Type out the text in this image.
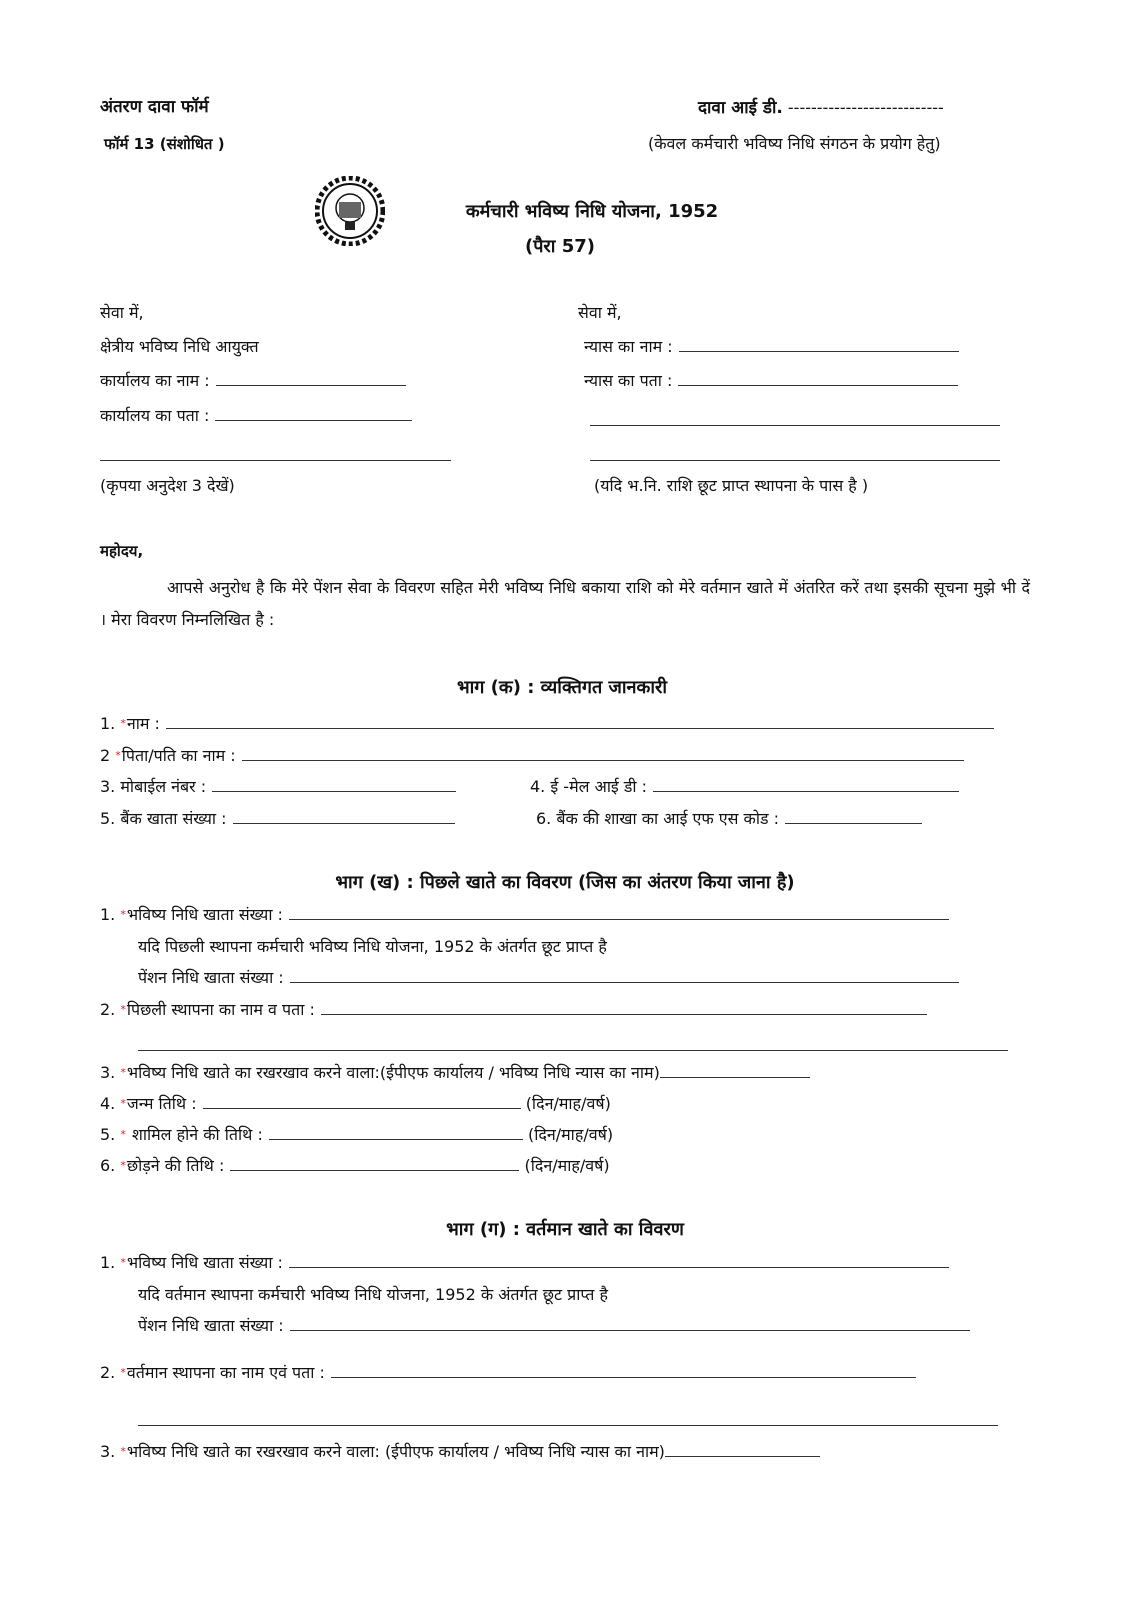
अंतरण दावा फॉर्म
फॉर्म 13 (संशोधित )
दावा आई डी. ---------------------------
(केवल कर्मचारी भविष्य निधि संगठन के प्रयोग हेतु)
कर्मचारी भविष्य निधि योजना, 1952
(पैरा 57)
सेवा में,
क्षेत्रीय भविष्य निधि आयुक्त
कार्यालय का नाम :
कार्यालय का पता :
(कृपया अनुदेश 3 देखें)
सेवा में,
न्यास का नाम :
न्यास का पता :
(यदि भ.नि. राशि छूट प्राप्त स्थापना के पास है )
महोदय,
आपसे अनुरोध है कि मेरे पेंशन सेवा के विवरण सहित मेरी भविष्य निधि बकाया राशि को मेरे वर्तमान खाते में अंतरित करें तथा इसकी सूचना मुझे भी दें । मेरा विवरण निम्नलिखित है :
भाग (क) : व्यक्तिगत जानकारी
1. *नाम :
2 *पिता/पति का नाम :
3. मोबाईल नंबर :	4. ई -मेल आई डी :
5. बैंक खाता संख्या :	6. बैंक की शाखा का आई एफ एस कोड :
भाग (ख) : पिछले खाते का विवरण (जिस का अंतरण किया जाना है)
1. *भविष्य निधि खाता संख्या :
यदि पिछली स्थापना कर्मचारी भविष्य निधि योजना, 1952 के अंतर्गत छूट प्राप्त है
पेंशन निधि खाता संख्या :
2. *पिछली स्थापना का नाम व पता :
3. *भविष्य निधि खाते का रखरखाव करने वाला:(ईपीएफ कार्यालय / भविष्य निधि न्यास का नाम)
4. *जन्म तिथि :	(दिन/माह/वर्ष)
5. * शामिल होने की तिथि :	(दिन/माह/वर्ष)
6. *छोड़ने की तिथि :	(दिन/माह/वर्ष)
भाग (ग) : वर्तमान खाते का विवरण
1. *भविष्य निधि खाता संख्या :
यदि वर्तमान स्थापना कर्मचारी भविष्य निधि योजना, 1952 के अंतर्गत छूट प्राप्त है
पेंशन निधि खाता संख्या :
2. *वर्तमान स्थापना का नाम एवं पता :
3. *भविष्य निधि खाते का रखरखाव करने वाला: (ईपीएफ कार्यालय / भविष्य निधि न्यास का नाम)
